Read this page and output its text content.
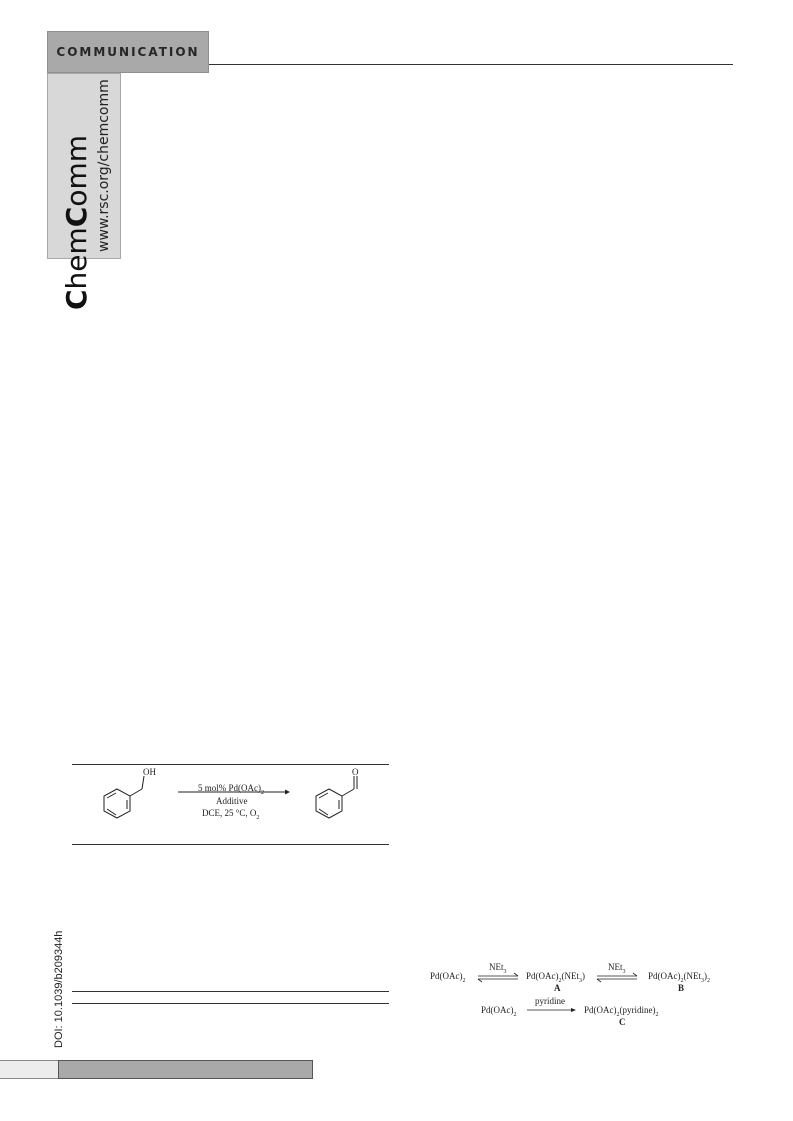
COMMUNICATION
ChemComm www.rsc.org/chemcomm
OH	O
5 mol% $Pd(OAc)_2$
Additive
DCE, 25 °C, $O_2$
DOI: 10.1039/b209344h	$Pd(OAc)_2$
NEt$_3$ $Pd(OAc)_2(NEt_3)$
A
NEt$_3$	$Pd(OAc)_2(NEt_3)_2$
B
$Pd(OAc)_2$
pyridine
$Pd(OAc)_2(pyridine)_2$
C
